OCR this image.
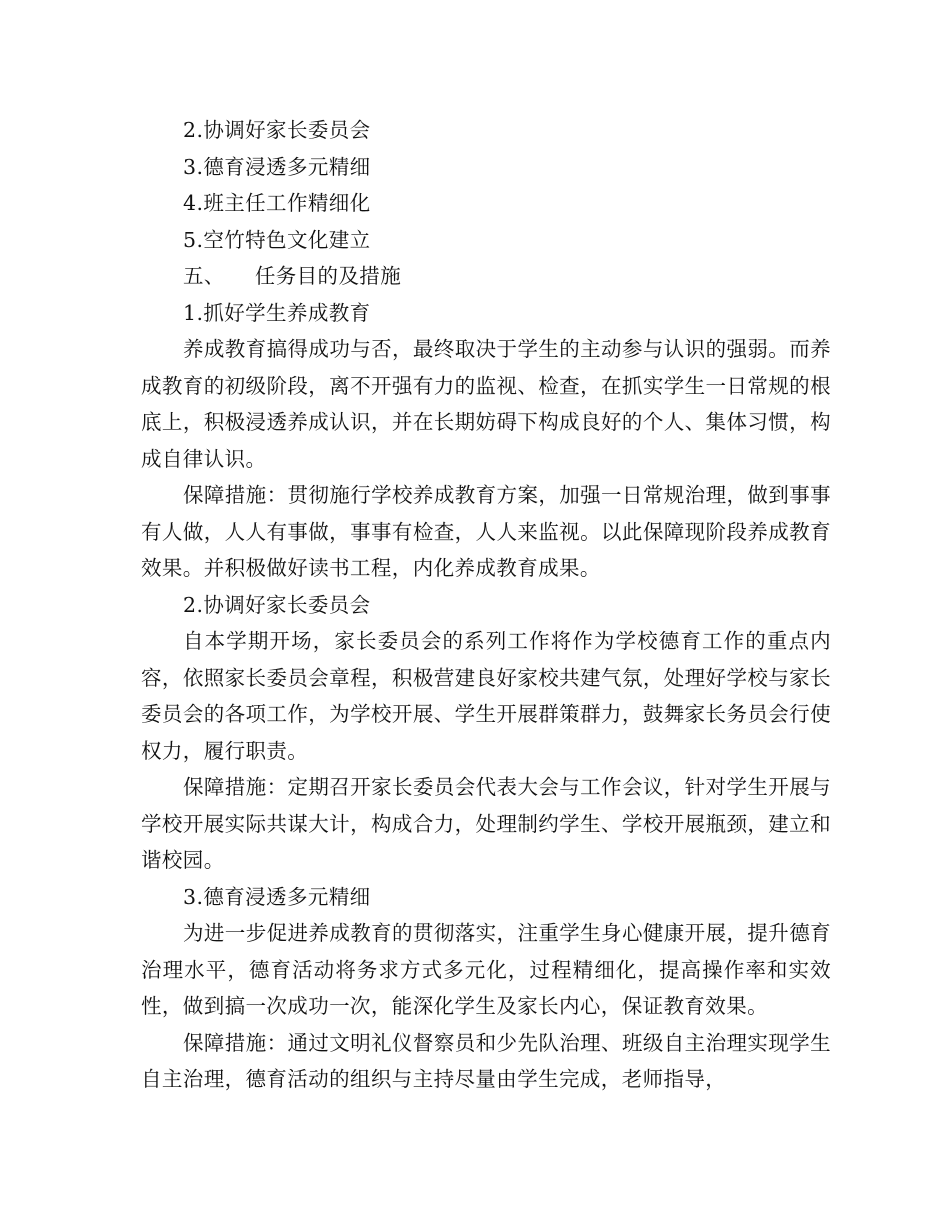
2.协调好家长委员会

3.德育浸透多元精细

4.班主任工作精细化

5.空竹特色文化建立

五、 任务目的及措施

1.抓好学生养成教育

养成教育搞得成功与否，最终取决于学生的主动参与认识的强弱。而养成教育的初级阶段，离不开强有力的监视、检查，在抓实学生一日常规的根底上，积极浸透养成认识，并在长期妨碍下构成良好的个人、集体习惯，构成自律认识。

保障措施：贯彻施行学校养成教育方案，加强一日常规治理，做到事事有人做，人人有事做，事事有检查，人人来监视。以此保障现阶段养成教育效果。并积极做好读书工程，内化养成教育成果。

2.协调好家长委员会

自本学期开场，家长委员会的系列工作将作为学校德育工作的重点内容，依照家长委员会章程，积极营建良好家校共建气氛，处理好学校与家长委员会的各项工作，为学校开展、学生开展群策群力，鼓舞家长务员会行使权力，履行职责。

保障措施：定期召开家长委员会代表大会与工作会议，针对学生开展与学校开展实际共谋大计，构成合力，处理制约学生、学校开展瓶颈，建立和谐校园。

3.德育浸透多元精细

为进一步促进养成教育的贯彻落实，注重学生身心健康开展，提升德育治理水平，德育活动将务求方式多元化，过程精细化，提高操作率和实效性，做到搞一次成功一次，能深化学生及家长内心，保证教育效果。

保障措施：通过文明礼仪督察员和少先队治理、班级自主治理实现学生自主治理，德育活动的组织与主持尽量由学生完成，老师指导，
